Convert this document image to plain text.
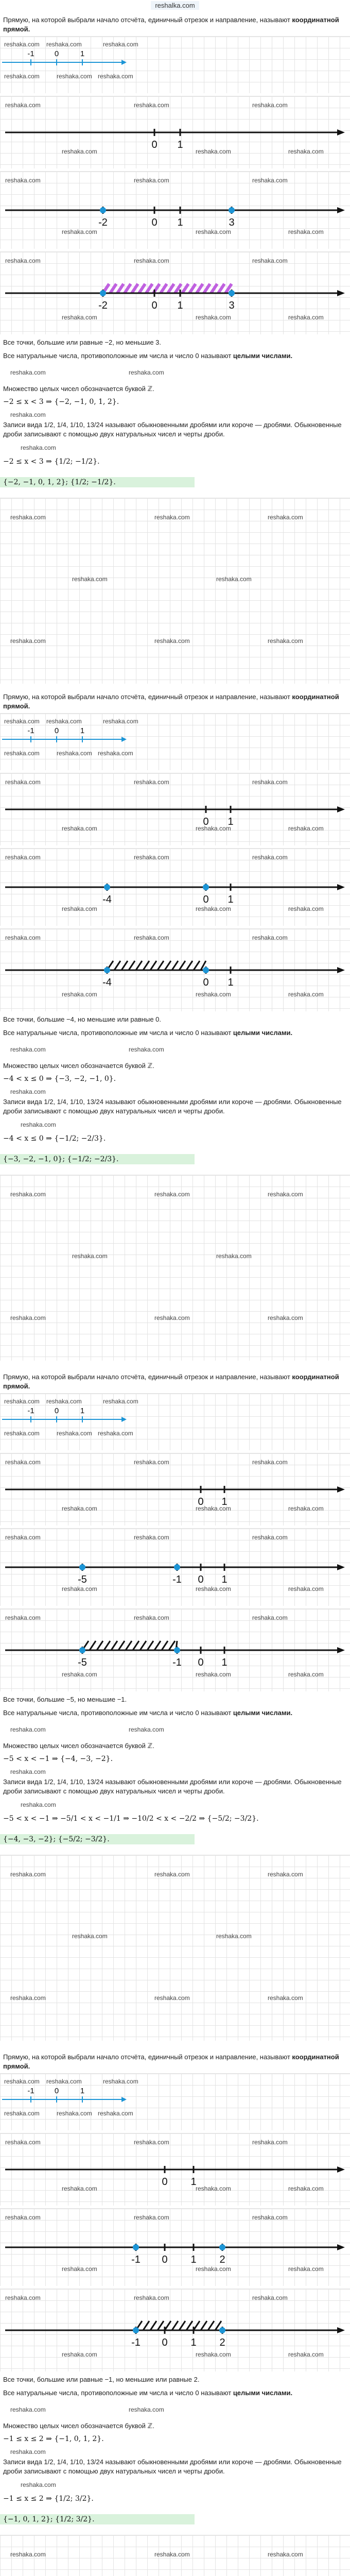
reshalka.com
Прямую, на которой выбрали начало отсчёта, единичный отрезок и направление, называют координатной прямой.
reshaka.com reshaka.com	reshaka.com
reshaka.com	reshaka.com reshaka.com
-1	0	1
reshaka.com	reshaka.com	reshaka.com
reshaka.com	reshaka.com	reshaka.com
0 1
reshaka.com	reshaka.com	reshaka.com
reshaka.com	reshaka.com	reshaka.com
-2	0 1	3
reshaka.com	reshaka.com	reshaka.com
reshaka.com	reshaka.com	reshaka.com
-2	0 1	3
Все точки, большие или равные −2, но меньшие 3.
Все натуральные числа, противоположные им числа и число 0 называют целыми числами.
reshaka.com	reshaka.com
Множество целых чисел обозначается буквой ℤ.
−2 ≤ x < 3 ⇒ {−2, −1, 0, 1, 2}.
reshaka.com
Записи вида 1/2, 1/4, 1/10, 13/24 называют обыкновенными дробями или короче — дробями. Обыкновенные дроби записывают с помощью двух натуральных чисел и черты дроби.
reshaka.com
−2 ≤ x < 3 ⇒ {1/2; −1/2}.
{−2, −1, 0, 1, 2}; {1/2; −1/2}.
reshaka.com	reshaka.com	reshaka.com
reshaka.com	reshaka.com
reshaka.com	reshaka.com	reshaka.com
Прямую, на которой выбрали начало отсчёта, единичный отрезок и направление, называют координатной прямой.
reshaka.com reshaka.com	reshaka.com
reshaka.com	reshaka.com reshaka.com
-1	0	1
reshaka.com	reshaka.com	reshaka.com
reshaka.com	reshaka.com	reshaka.com
0 1
reshaka.com	reshaka.com	reshaka.com
reshaka.com	reshaka.com	reshaka.com
-4	0 1
reshaka.com	reshaka.com	reshaka.com
reshaka.com	reshaka.com	reshaka.com
-4	0 1
Все точки, большие −4, но меньшие или равные 0.
Все натуральные числа, противоположные им числа и число 0 называют целыми числами.
reshaka.com	reshaka.com
Множество целых чисел обозначается буквой ℤ.
−4 < x ≤ 0 ⇒ {−3, −2, −1, 0}.
reshaka.com
Записи вида 1/2, 1/4, 1/10, 13/24 называют обыкновенными дробями или короче — дробями. Обыкновенные дроби записывают с помощью двух натуральных чисел и черты дроби.
reshaka.com
−4 < x ≤ 0 ⇒ {−1/2; −2/3}.
{−3, −2, −1, 0}; {−1/2; −2/3}.
reshaka.com	reshaka.com	reshaka.com
reshaka.com	reshaka.com
reshaka.com	reshaka.com	reshaka.com
Прямую, на которой выбрали начало отсчёта, единичный отрезок и направление, называют координатной прямой.
reshaka.com reshaka.com	reshaka.com
reshaka.com	reshaka.com reshaka.com
-1	0	1
reshaka.com	reshaka.com	reshaka.com
reshaka.com	reshaka.com	reshaka.com
0 1
reshaka.com	reshaka.com	reshaka.com
reshaka.com	reshaka.com	reshaka.com
-5	-1 0 1
reshaka.com	reshaka.com	reshaka.com
reshaka.com	reshaka.com	reshaka.com
-5	-1 0 1
Все точки, большие −5, но меньшие −1.
Все натуральные числа, противоположные им числа и число 0 называют целыми числами.
reshaka.com	reshaka.com
Множество целых чисел обозначается буквой ℤ.
−5 < x < −1 ⇒ {−4, −3, −2}.
reshaka.com
Записи вида 1/2, 1/4, 1/10, 13/24 называют обыкновенными дробями или короче — дробями. Обыкновенные дроби записывают с помощью двух натуральных чисел и черты дроби.
reshaka.com
−5 < x < −1 ⇒ −5/1 < x < −1/1 ⇒ −10/2 < x < −2/2 ⇒ {−5/2; −3/2}.
{−4, −3, −2}; {−5/2; −3/2}.
reshaka.com	reshaka.com	reshaka.com
reshaka.com	reshaka.com
reshaka.com	reshaka.com	reshaka.com
Прямую, на которой выбрали начало отсчёта, единичный отрезок и направление, называют координатной прямой.
reshaka.com reshaka.com	reshaka.com
reshaka.com	reshaka.com reshaka.com
-1	0	1
reshaka.com	reshaka.com	reshaka.com
reshaka.com	reshaka.com	reshaka.com
0 1
reshaka.com	reshaka.com	reshaka.com
reshaka.com	reshaka.com	reshaka.com
-1 0 1 2
reshaka.com	reshaka.com	reshaka.com
reshaka.com	reshaka.com	reshaka.com
-1 0 1 2
Все точки, большие или равные −1, но меньшие или равные 2.
Все натуральные числа, противоположные им числа и число 0 называют целыми числами.
reshaka.com	reshaka.com
Множество целых чисел обозначается буквой ℤ.
−1 ≤ x ≤ 2 ⇒ {−1, 0, 1, 2}.
reshaka.com
Записи вида 1/2, 1/4, 1/10, 13/24 называют обыкновенными дробями или короче — дробями. Обыкновенные дроби записывают с помощью двух натуральных чисел и черты дроби.
reshaka.com
−1 ≤ x ≤ 2 ⇒ {1/2; 3/2}.
{−1, 0, 1, 2}; {1/2; 3/2}.
reshaka.com	reshaka.com	reshaka.com
